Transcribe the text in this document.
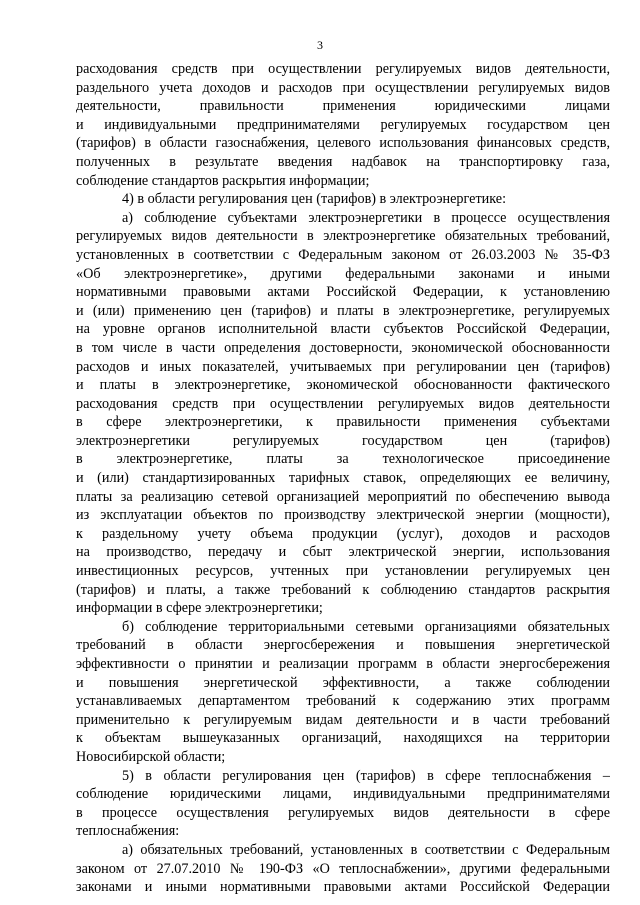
3
расходования средств при осуществлении регулируемых видов деятельности,
раздельного учета доходов и расходов при осуществлении регулируемых видов
деятельности, правильности применения юридическими лицами
и индивидуальными предпринимателями регулируемых государством цен
(тарифов) в области газоснабжения, целевого использования финансовых средств,
полученных в результате введения надбавок на транспортировку газа,
соблюдение стандартов раскрытия информации;
4) в области регулирования цен (тарифов) в электроэнергетике:
а) соблюдение субъектами электроэнергетики в процессе осуществления
регулируемых видов деятельности в электроэнергетике обязательных требований,
установленных в соответствии с Федеральным законом от 26.03.2003 № 35-ФЗ
«Об электроэнергетике», другими федеральными законами и иными
нормативными правовыми актами Российской Федерации, к установлению
и (или) применению цен (тарифов) и платы в электроэнергетике, регулируемых
на уровне органов исполнительной власти субъектов Российской Федерации,
в том числе в части определения достоверности, экономической обоснованности
расходов и иных показателей, учитываемых при регулировании цен (тарифов)
и платы в электроэнергетике, экономической обоснованности фактического
расходования средств при осуществлении регулируемых видов деятельности
в сфере электроэнергетики, к правильности применения субъектами
электроэнергетики регулируемых государством цен (тарифов)
в электроэнергетике, платы за технологическое присоединение
и (или) стандартизированных тарифных ставок, определяющих ее величину,
платы за реализацию сетевой организацией мероприятий по обеспечению вывода
из эксплуатации объектов по производству электрической энергии (мощности),
к раздельному учету объема продукции (услуг), доходов и расходов
на производство, передачу и сбыт электрической энергии, использования
инвестиционных ресурсов, учтенных при установлении регулируемых цен
(тарифов) и платы, а также требований к соблюдению стандартов раскрытия
информации в сфере электроэнергетики;
б) соблюдение территориальными сетевыми организациями обязательных
требований в области энергосбережения и повышения энергетической
эффективности о принятии и реализации программ в области энергосбережения
и повышения энергетической эффективности, а также соблюдении
устанавливаемых департаментом требований к содержанию этих программ
применительно к регулируемым видам деятельности и в части требований
к объектам вышеуказанных организаций, находящихся на территории
Новосибирской области;
5) в области регулирования цен (тарифов) в сфере теплоснабжения –
соблюдение юридическими лицами, индивидуальными предпринимателями
в процессе осуществления регулируемых видов деятельности в сфере
теплоснабжения:
а) обязательных требований, установленных в соответствии с Федеральным
законом от 27.07.2010 № 190-ФЗ «О теплоснабжении», другими федеральными
законами и иными нормативными правовыми актами Российской Федерации
